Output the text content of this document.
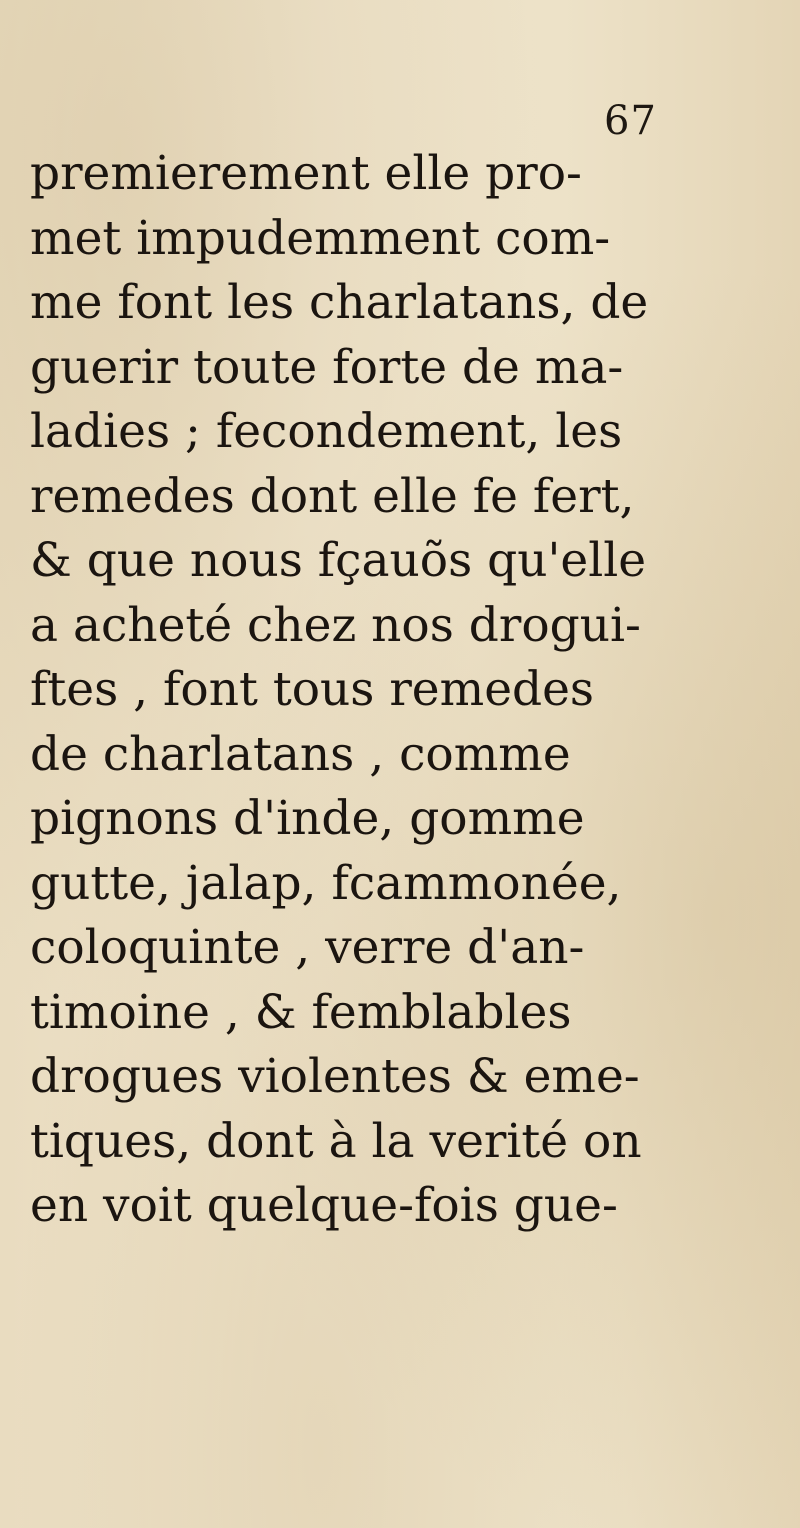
67
premierement elle pro-
met impudemment com-
me font les charlatans, de
guerir toute forte de ma-
ladies ; fecondement, les
remedes dont elle fe fert,
& que nous fçauõs qu'elle
a acheté chez nos drogui-
ftes , font tous remedes
de charlatans , comme
pignons d'inde, gomme
gutte, jalap, fcammonée,
coloquinte , verre d'an-
timoine , & femblables
drogues violentes & eme-
tiques, dont à la verité on
en voit quelque-fois gue-
